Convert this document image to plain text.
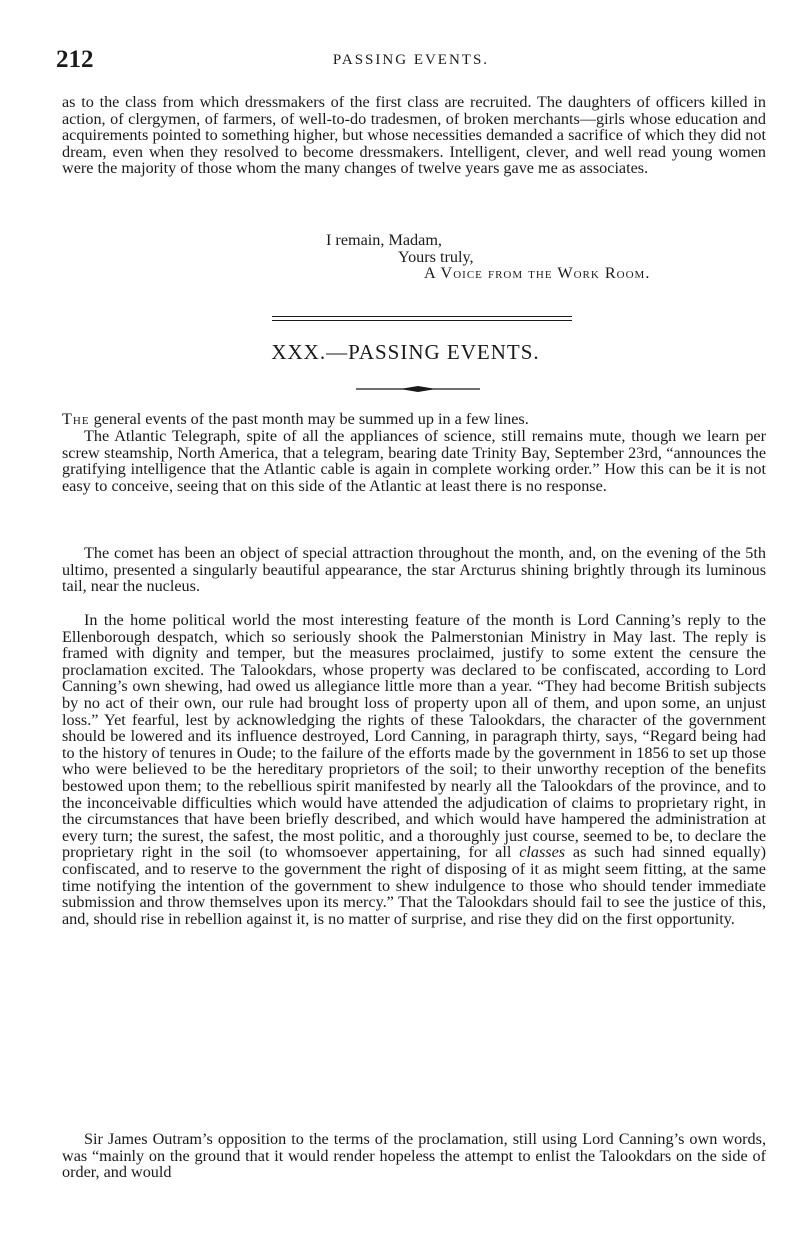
212	PASSING EVENTS.

as to the class from which dressmakers of the first class are recruited. The daughters of officers killed in action, of clergymen, of farmers, of well-to-do tradesmen, of broken merchants—girls whose education and acquirements pointed to something higher, but whose necessities demanded a sacrifice of which they did not dream, even when they resolved to become dressmakers. Intelligent, clever, and well read young women were the majority of those whom the many changes of twelve years gave me as associates.

I remain, Madam,
Yours truly,
A Voice from the Work Room.
XXX.—PASSING EVENTS.

The general events of the past month may be summed up in a few lines.

The Atlantic Telegraph, spite of all the appliances of science, still remains mute, though we learn per screw steamship, North America, that a telegram, bearing date Trinity Bay, September 23rd, “announces the gratifying intelligence that the Atlantic cable is again in complete working order.” How this can be it is not easy to conceive, seeing that on this side of the Atlantic at least there is no response.

The comet has been an object of special attraction throughout the month, and, on the evening of the 5th ultimo, presented a singularly beautiful appearance, the star Arcturus shining brightly through its luminous tail, near the nucleus.

In the home political world the most interesting feature of the month is Lord Canning’s reply to the Ellenborough despatch, which so seriously shook the Palmerstonian Ministry in May last. The reply is framed with dignity and temper, but the measures proclaimed, justify to some extent the censure the proclamation excited. The Talookdars, whose property was declared to be confiscated, according to Lord Canning’s own shewing, had owed us allegiance little more than a year. “They had become British subjects by no act of their own, our rule had brought loss of property upon all of them, and upon some, an unjust loss.” Yet fearful, lest by acknowledging the rights of these Talookdars, the character of the government should be lowered and its influence destroyed, Lord Canning, in paragraph thirty, says, “Regard being had to the history of tenures in Oude; to the failure of the efforts made by the government in 1856 to set up those who were believed to be the hereditary proprietors of the soil; to their unworthy reception of the benefits bestowed upon them; to the rebellious spirit manifested by nearly all the Talookdars of the province, and to the inconceivable difficulties which would have attended the adjudication of claims to proprietary right, in the circumstances that have been briefly described, and which would have hampered the administration at every turn; the surest, the safest, the most politic, and a thoroughly just course, seemed to be, to declare the proprietary right in the soil (to whomsoever appertaining, for all classes as such had sinned equally) confiscated, and to reserve to the government the right of disposing of it as might seem fitting, at the same time notifying the intention of the government to shew indulgence to those who should tender immediate submission and throw themselves upon its mercy.” That the Talookdars should fail to see the justice of this, and, should rise in rebellion against it, is no matter of surprise, and rise they did on the first opportunity.

Sir James Outram’s opposition to the terms of the proclamation, still using Lord Canning’s own words, was “mainly on the ground that it would render hopeless the attempt to enlist the Talookdars on the side of order, and would
